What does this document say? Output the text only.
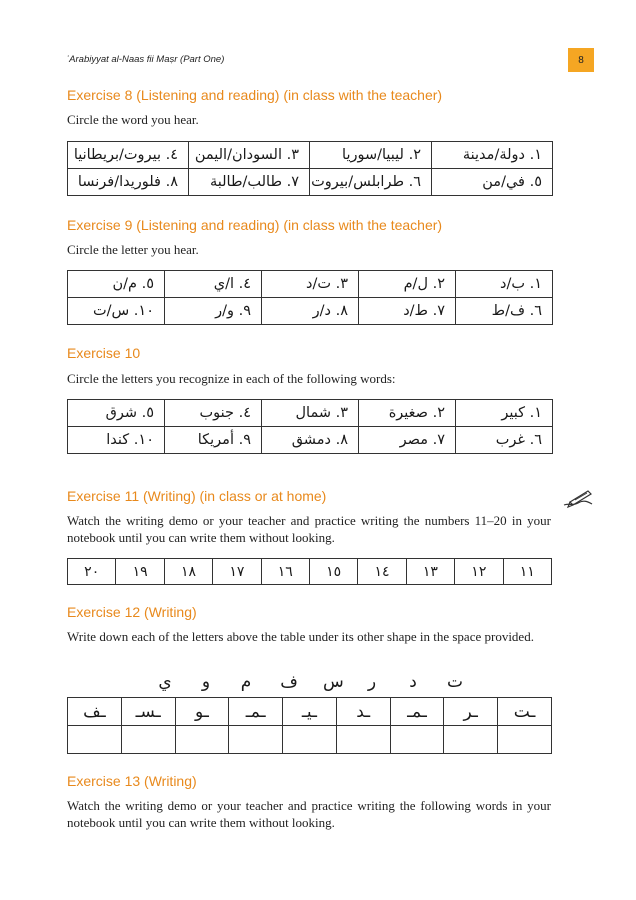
ʿArabiyyat al-Naas fii Maṣr (Part One)	8
Exercise 8 (Listening and reading) (in class with the teacher)
Circle the word you hear.
٤. بيروت/بريطانيا	٣. السودان/اليمن	٢. ليبيا/سوريا	١. دولة/مدينة
٨. فلوريدا/فرنسا	٧. طالب/طالبة	٦. طرابلس/بيروت	٥. في/من
Exercise 9 (Listening and reading) (in class with the teacher)
Circle the letter you hear.
٥. م/ن	٤. ا/ي	٣. ت/د	٢. ل/م	١. ب/د
١٠. س/ت	٩. و/ر	٨. د/ر	٧. ط/د	٦. ف/ط
Exercise 10
Circle the letters you recognize in each of the following words:
٥. شرق	٤. جنوب	٣. شمال	٢. صغيرة	١. كبير
١٠. كندا	٩. أمريكا	٨. دمشق	٧. مصر	٦. غرب
Exercise 11 (Writing) (in class or at home)
Watch the writing demo or your teacher and practice writing the numbers 11–20 in your notebook until you can write them without looking.
٢٠	١٩	١٨	١٧	١٦	١٥	١٤	١٣	١٢	١١
Exercise 12 (Writing)
Write down each of the letters above the table under its other shape in the space provided.
ت
د
ر
س
ف
م
و
ي
ـف	ـسـ	ـو	ـمـ	ـيـ	ـد	ـمـ	ـر	ـت

Exercise 13 (Writing)
Watch the writing demo or your teacher and practice writing the following words in your notebook until you can write them without looking.
